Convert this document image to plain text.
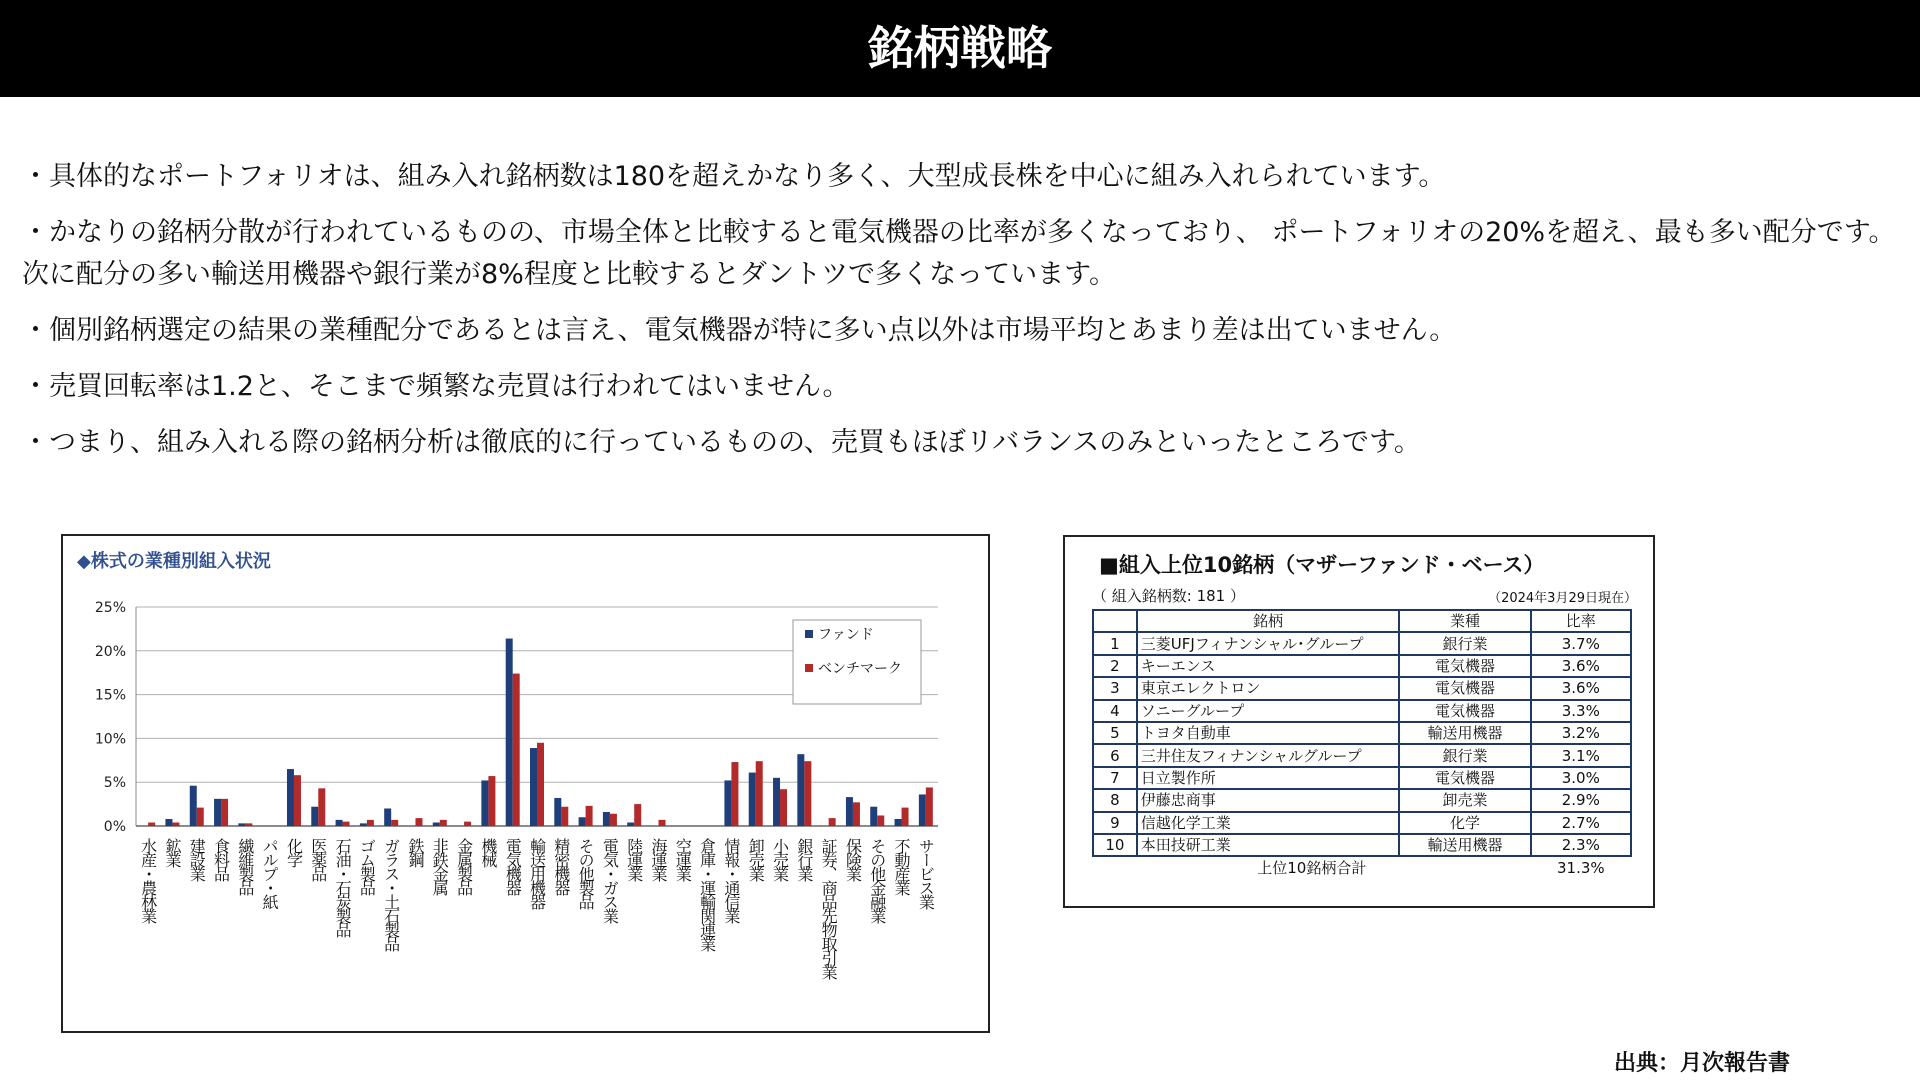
銘柄戦略

・具体的なポートフォリオは、組み入れ銘柄数は180を超えかなり多く、大型成長株を中心に組み入れられています。

・かなりの銘柄分散が行われているものの、市場全体と比較すると電気機器の比率が多くなっており、 ポートフォリオの20%を超え、最も多い配分です。 次に配分の多い輸送用機器や銀行業が8%程度と比較するとダントツで多くなっています。

・個別銘柄選定の結果の業種配分であるとは言え、電気機器が特に多い点以外は市場平均とあまり差は出ていません。

・売買回転率は1.2と、そこまで頻繁な売買は行われてはいません。

・つまり、組み入れる際の銘柄分析は徹底的に行っているものの、売買もほぼリバランスのみといったところです。

◆株式の業種別組入状況
0%
5%
10%
15%
20%
25%
水産・農林業 鉱業 建設業 食料品 繊維製品 パルプ・紙 化学 医薬品 石油・石炭製品 ゴム製品 ガラス・土石製品 鉄鋼 非鉄金属 金属製品 機械 電気機器 輸送用機器 精密機器 その他製品 電気・ガス業 陸運業 海運業 空運業 倉庫・運輸関連業 情報・通信業 卸売業 小売業 銀行業 証券、商品先物取引業 保険業 その他金融業 不動産業 サービス業
ファンド
ベンチマーク
■組入上位10銘柄（マザーファンド・ベース）
（ 組入銘柄数: 181 ）	（2024年3月29日現在）
	銘柄	業種	比率
1	三菱UFJフィナンシャル･グループ	銀行業	3.7%
2	キーエンス	電気機器	3.6%
3	東京エレクトロン	電気機器	3.6%
4	ソニーグループ	電気機器	3.3%
5	トヨタ自動車	輸送用機器	3.2%
6	三井住友フィナンシャルグループ	銀行業	3.1%
7	日立製作所	電気機器	3.0%
8	伊藤忠商事	卸売業	2.9%
9	信越化学工業	化学	2.7%
10	本田技研工業	輸送用機器	2.3%
上位10銘柄合計			31.3%
出典：月次報告書
